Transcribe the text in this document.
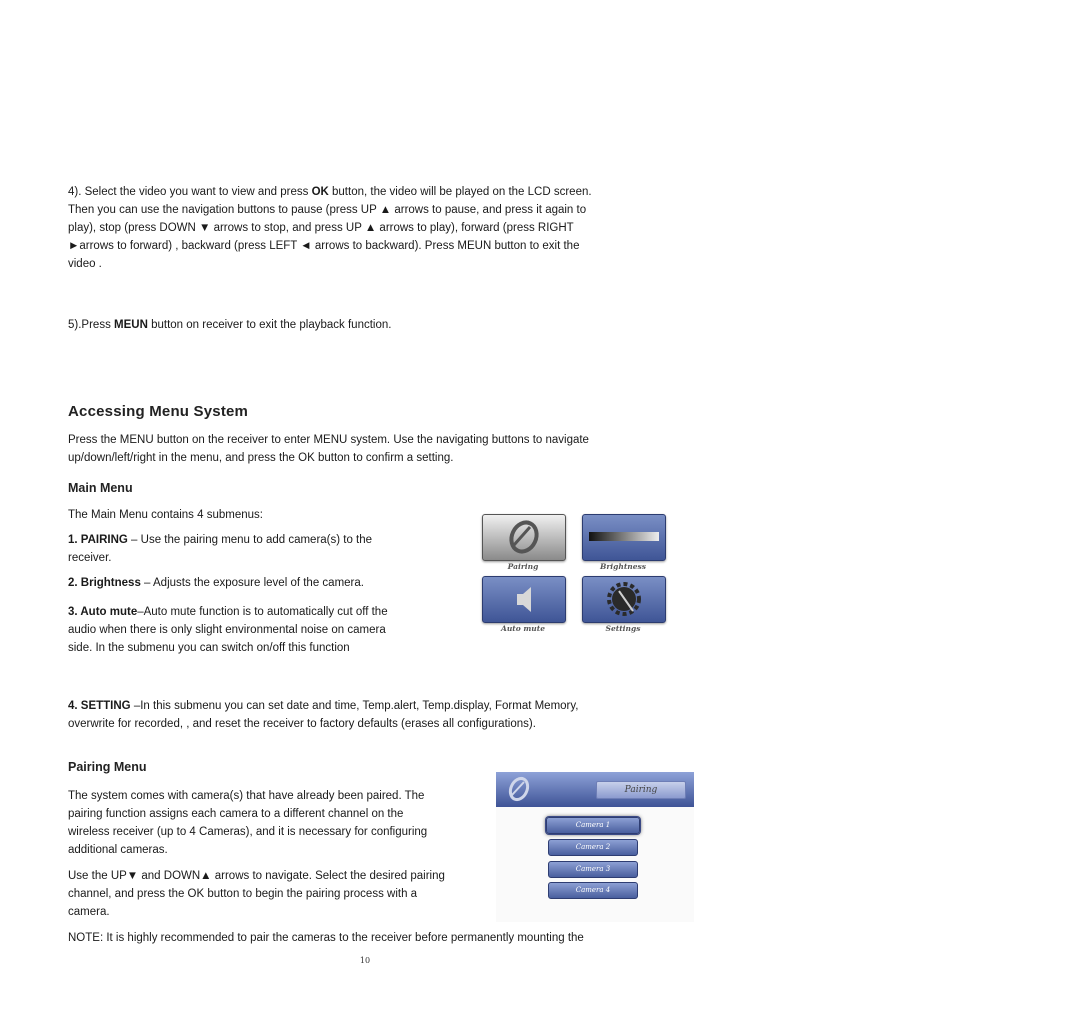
4). Select the video you want to view and press OK button, the video will be played on the LCD screen.

Then you can use the navigation buttons to pause (press UP ▲ arrows to pause, and press it again to

play), stop (press DOWN ▼ arrows to stop, and press UP ▲ arrows to play), forward (press RIGHT

►arrows to forward) , backward (press LEFT ◄ arrows to backward). Press MEUN button to exit the

video .

5).Press MEUN button on receiver to exit the playback function.

Accessing Menu System

Press the MENU button on the receiver to enter MENU system. Use the navigating buttons to navigate

up/down/left/right in the menu, and press the OK button to confirm a setting.

Main Menu

The Main Menu contains 4 submenus:

1. PAIRING – Use the pairing menu to add camera(s) to the

receiver.

2. Brightness – Adjusts the exposure level of the camera.

3. Auto mute–Auto mute function is to automatically cut off the

audio when there is only slight environmental noise on camera

side. In the submenu you can switch on/off this function

Pairing	Brightness
Auto mute	Settings

4. SETTING –In this submenu you can set date and time, Temp.alert, Temp.display, Format Memory,

overwrite for recorded, , and reset the receiver to factory defaults (erases all configurations).

Pairing Menu

The system comes with camera(s) that have already been paired. The

pairing function assigns each camera to a different channel on the

wireless receiver (up to 4 Cameras), and it is necessary for configuring

additional cameras.

Use the UP▼ and DOWN▲ arrows to navigate. Select the desired pairing

channel, and press the OK button to begin the pairing process with a

camera.

NOTE: It is highly recommended to pair the cameras to the receiver before permanently mounting the

Pairing
Camera 1
Camera 2
Camera 3
Camera 4
10
